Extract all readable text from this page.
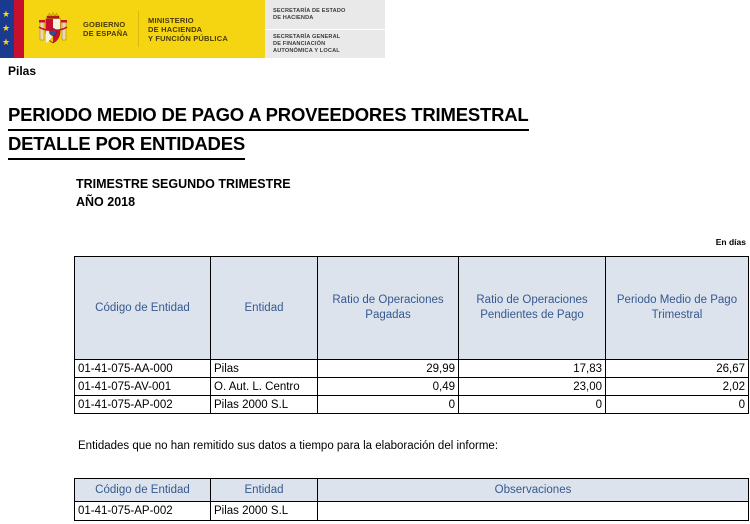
★
★
★
GOBIERNO
DE ESPAÑA
MINISTERIO
DE HACIENDA
Y FUNCIÓN PÚBLICA
SECRETARÍA DE ESTADO
DE HACIENDA
SECRETARÍA GENERAL
DE FINANCIACIÓN
AUTONÓMICA Y LOCAL
Pilas
PERIODO MEDIO DE PAGO A PROVEEDORES TRIMESTRAL
DETALLE POR ENTIDADES
TRIMESTRE SEGUNDO TRIMESTRE
AÑO 2018
En días
Código de Entidad	Entidad	Ratio de Operaciones Pagadas	Ratio de Operaciones Pendientes de Pago	Periodo Medio de Pago Trimestral
01-41-075-AA-000	Pilas	29,99	17,83	26,67
01-41-075-AV-001	O. Aut. L. Centro	0,49	23,00	2,02
01-41-075-AP-002	Pilas 2000 S.L	0	0	0
Entidades que no han remitido sus datos a tiempo para la elaboración del informe:
Código de Entidad	Entidad	Observaciones
01-41-075-AP-002	Pilas 2000 S.L	
